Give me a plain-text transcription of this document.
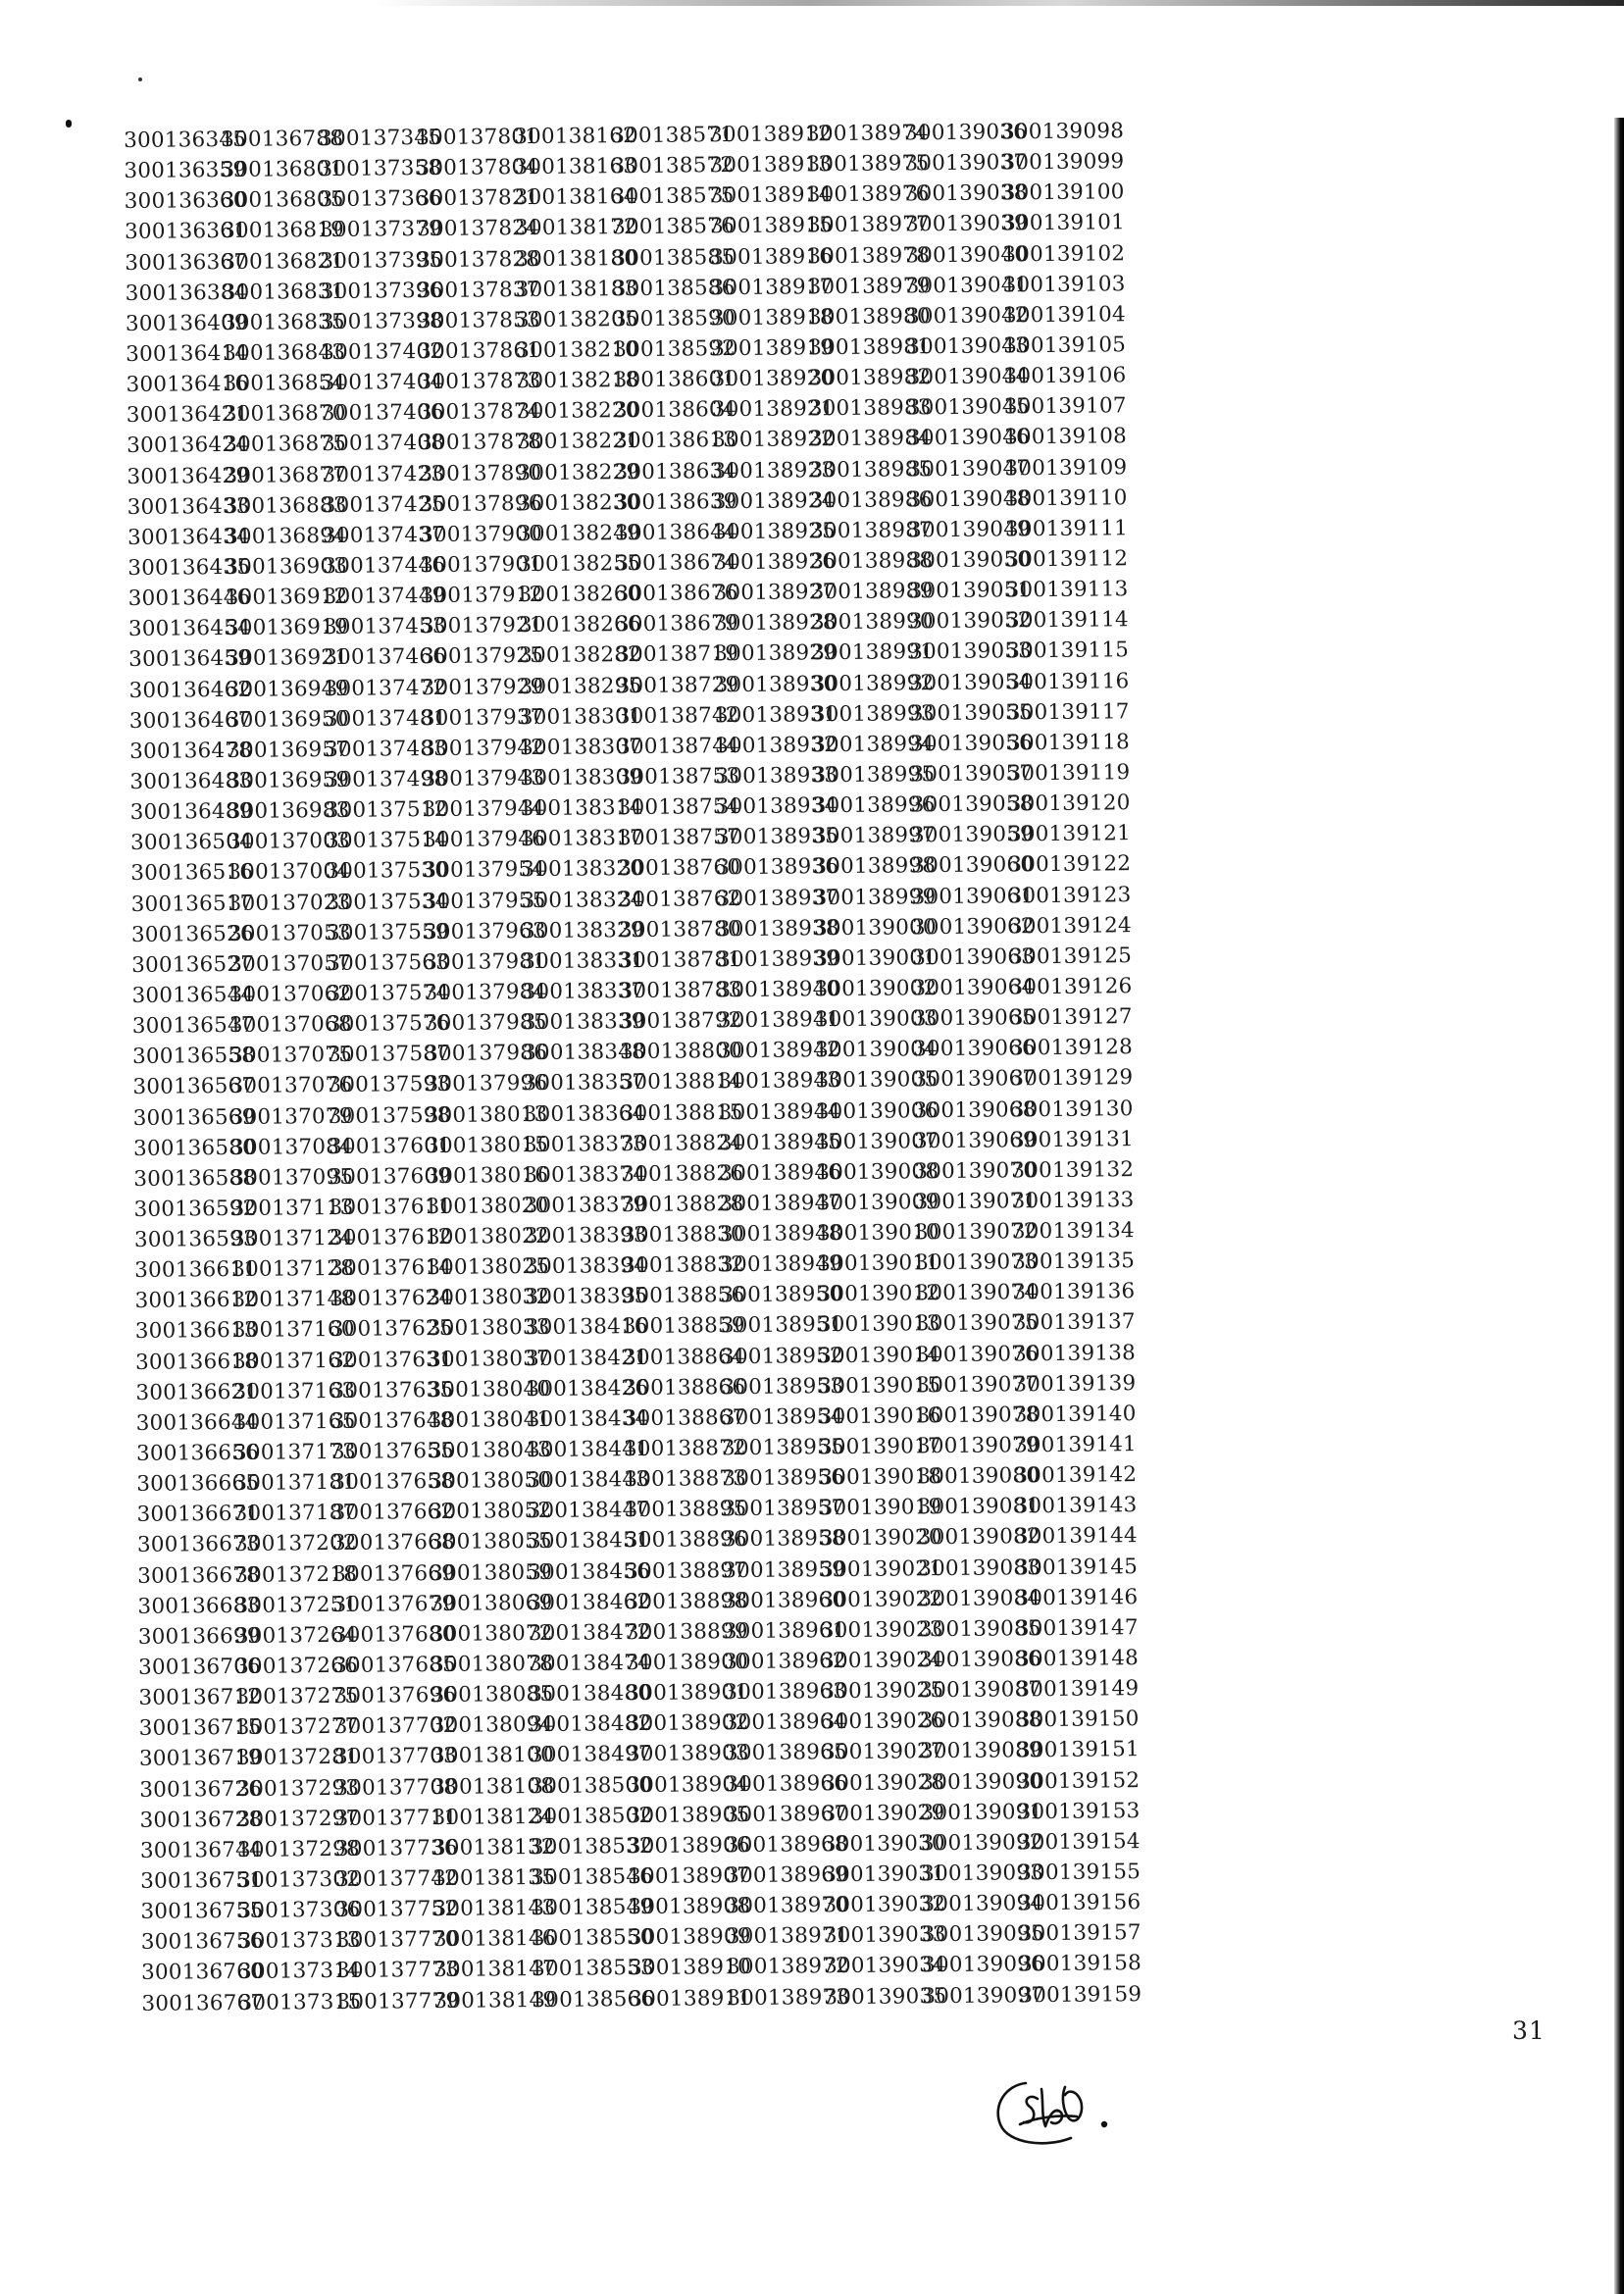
300136345
300136359
300136360
300136361
300136367
300136384
300136409
300136414
300136416
300136421
300136424
300136429
300136433
300136434
300136435
300136446
300136454
300136459
300136462
300136467
300136478
300136483
300136489
300136504
300136516
300136517
300136526
300136527
300136544
300136547
300136558
300136567
300136569
300136580
300136588
300136592
300136593
300136611
300136612
300136613
300136618
300136621
300136644
300136656
300136665
300136671
300136673
300136678
300136683
300136699
300136706
300136712
300136715
300136719
300136726
300136728
300136744
300136751
300136755
300136756
300136760
300136767
300136788
300136801
300136805
300136819
300136821
300136831
300136835
300136843
300136854
300136870
300136875
300136877
300136883
300136894
300136903
300136912
300136919
300136921
300136949
300136950
300136957
300136959
300136983
300137003
300137004
300137023
300137053
300137057
300137062
300137068
300137075
300137076
300137079
300137084
300137095
300137113
300137124
300137128
300137148
300137160
300137162
300137163
300137165
300137173
300137181
300137187
300137202
300137218
300137251
300137264
300137266
300137275
300137277
300137281
300137293
300137297
300137298
300137302
300137306
300137313
300137314
300137315
300137345
300137358
300137366
300137379
300137395
300137396
300137398
300137402
300137404
300137406
300137408
300137423
300137425
300137437
300137446
300137449
300137453
300137466
300137472
300137481
300137483
300137498
300137512
300137514
300137530
300137534
300137559
300137563
300137574
300137576
300137587
300137593
300137598
300137601
300137609
300137611
300137612
300137614
300137624
300137625
300137631
300137635
300137648
300137655
300137658
300137662
300137668
300137669
300137679
300137680
300137685
300137696
300137702
300137703
300137708
300137711
300137736
300137742
300137752
300137770
300137773
300137779
300137801
300137804
300137821
300137824
300137828
300137837
300137853
300137861
300137873
300137874
300137878
300137890
300137896
300137900
300137901
300137912
300137921
300137925
300137929
300137937
300137942
300137943
300137944
300137946
300137954
300137955
300137963
300137981
300137984
300137985
300137986
300137996
300138013
300138015
300138016
300138020
300138022
300138025
300138032
300138033
300138037
300138040
300138041
300138043
300138050
300138052
300138055
300138059
300138069
300138072
300138078
300138085
300138094
300138100
300138108
300138124
300138132
300138135
300138143
300138146
300138147
300138149
300138162
300138163
300138164
300138172
300138180
300138183
300138205
300138210
300138218
300138220
300138221
300138229
300138230
300138249
300138255
300138260
300138266
300138282
300138295
300138301
300138307
300138309
300138314
300138317
300138320
300138324
300138329
300138331
300138337
300138339
300138348
300138357
300138364
300138373
300138374
300138379
300138393
300138394
300138395
300138416
300138421
300138426
300138434
300138441
300138443
300138447
300138451
300138456
300138462
300138472
300138474
300138480
300138482
300138497
300138500
300138502
300138532
300138546
300138549
300138550
300138553
300138566
300138571
300138572
300138575
300138576
300138585
300138586
300138590
300138592
300138601
300138604
300138613
300138634
300138639
300138644
300138674
300138676
300138679
300138719
300138729
300138742
300138744
300138753
300138754
300138757
300138760
300138762
300138780
300138781
300138783
300138792
300138800
300138814
300138815
300138824
300138826
300138828
300138830
300138832
300138856
300138859
300138864
300138866
300138867
300138872
300138873
300138895
300138896
300138897
300138898
300138899
300138900
300138901
300138902
300138903
300138904
300138905
300138906
300138907
300138908
300138909
300138910
300138911
300138912
300138913
300138914
300138915
300138916
300138917
300138918
300138919
300138920
300138921
300138922
300138923
300138924
300138925
300138926
300138927
300138928
300138929
300138930
300138931
300138932
300138933
300138934
300138935
300138936
300138937
300138938
300138939
300138940
300138941
300138942
300138943
300138944
300138945
300138946
300138947
300138948
300138949
300138950
300138951
300138952
300138953
300138954
300138955
300138956
300138957
300138958
300138959
300138960
300138961
300138962
300138963
300138964
300138965
300138966
300138967
300138968
300138969
300138970
300138971
300138972
300138973
300138974
300138975
300138976
300138977
300138978
300138979
300138980
300138981
300138982
300138983
300138984
300138985
300138986
300138987
300138988
300138989
300138990
300138991
300138992
300138993
300138994
300138995
300138996
300138997
300138998
300138999
300139000
300139001
300139002
300139003
300139004
300139005
300139006
300139007
300139008
300139009
300139010
300139011
300139012
300139013
300139014
300139015
300139016
300139017
300139018
300139019
300139020
300139021
300139022
300139023
300139024
300139025
300139026
300139027
300139028
300139029
300139030
300139031
300139032
300139033
300139034
300139035
300139036
300139037
300139038
300139039
300139040
300139041
300139042
300139043
300139044
300139045
300139046
300139047
300139048
300139049
300139050
300139051
300139052
300139053
300139054
300139055
300139056
300139057
300139058
300139059
300139060
300139061
300139062
300139063
300139064
300139065
300139066
300139067
300139068
300139069
300139070
300139071
300139072
300139073
300139074
300139075
300139076
300139077
300139078
300139079
300139080
300139081
300139082
300139083
300139084
300139085
300139086
300139087
300139088
300139089
300139090
300139091
300139092
300139093
300139094
300139095
300139096
300139097
300139098
300139099
300139100
300139101
300139102
300139103
300139104
300139105
300139106
300139107
300139108
300139109
300139110
300139111
300139112
300139113
300139114
300139115
300139116
300139117
300139118
300139119
300139120
300139121
300139122
300139123
300139124
300139125
300139126
300139127
300139128
300139129
300139130
300139131
300139132
300139133
300139134
300139135
300139136
300139137
300139138
300139139
300139140
300139141
300139142
300139143
300139144
300139145
300139146
300139147
300139148
300139149
300139150
300139151
300139152
300139153
300139154
300139155
300139156
300139157
300139158
300139159
31
